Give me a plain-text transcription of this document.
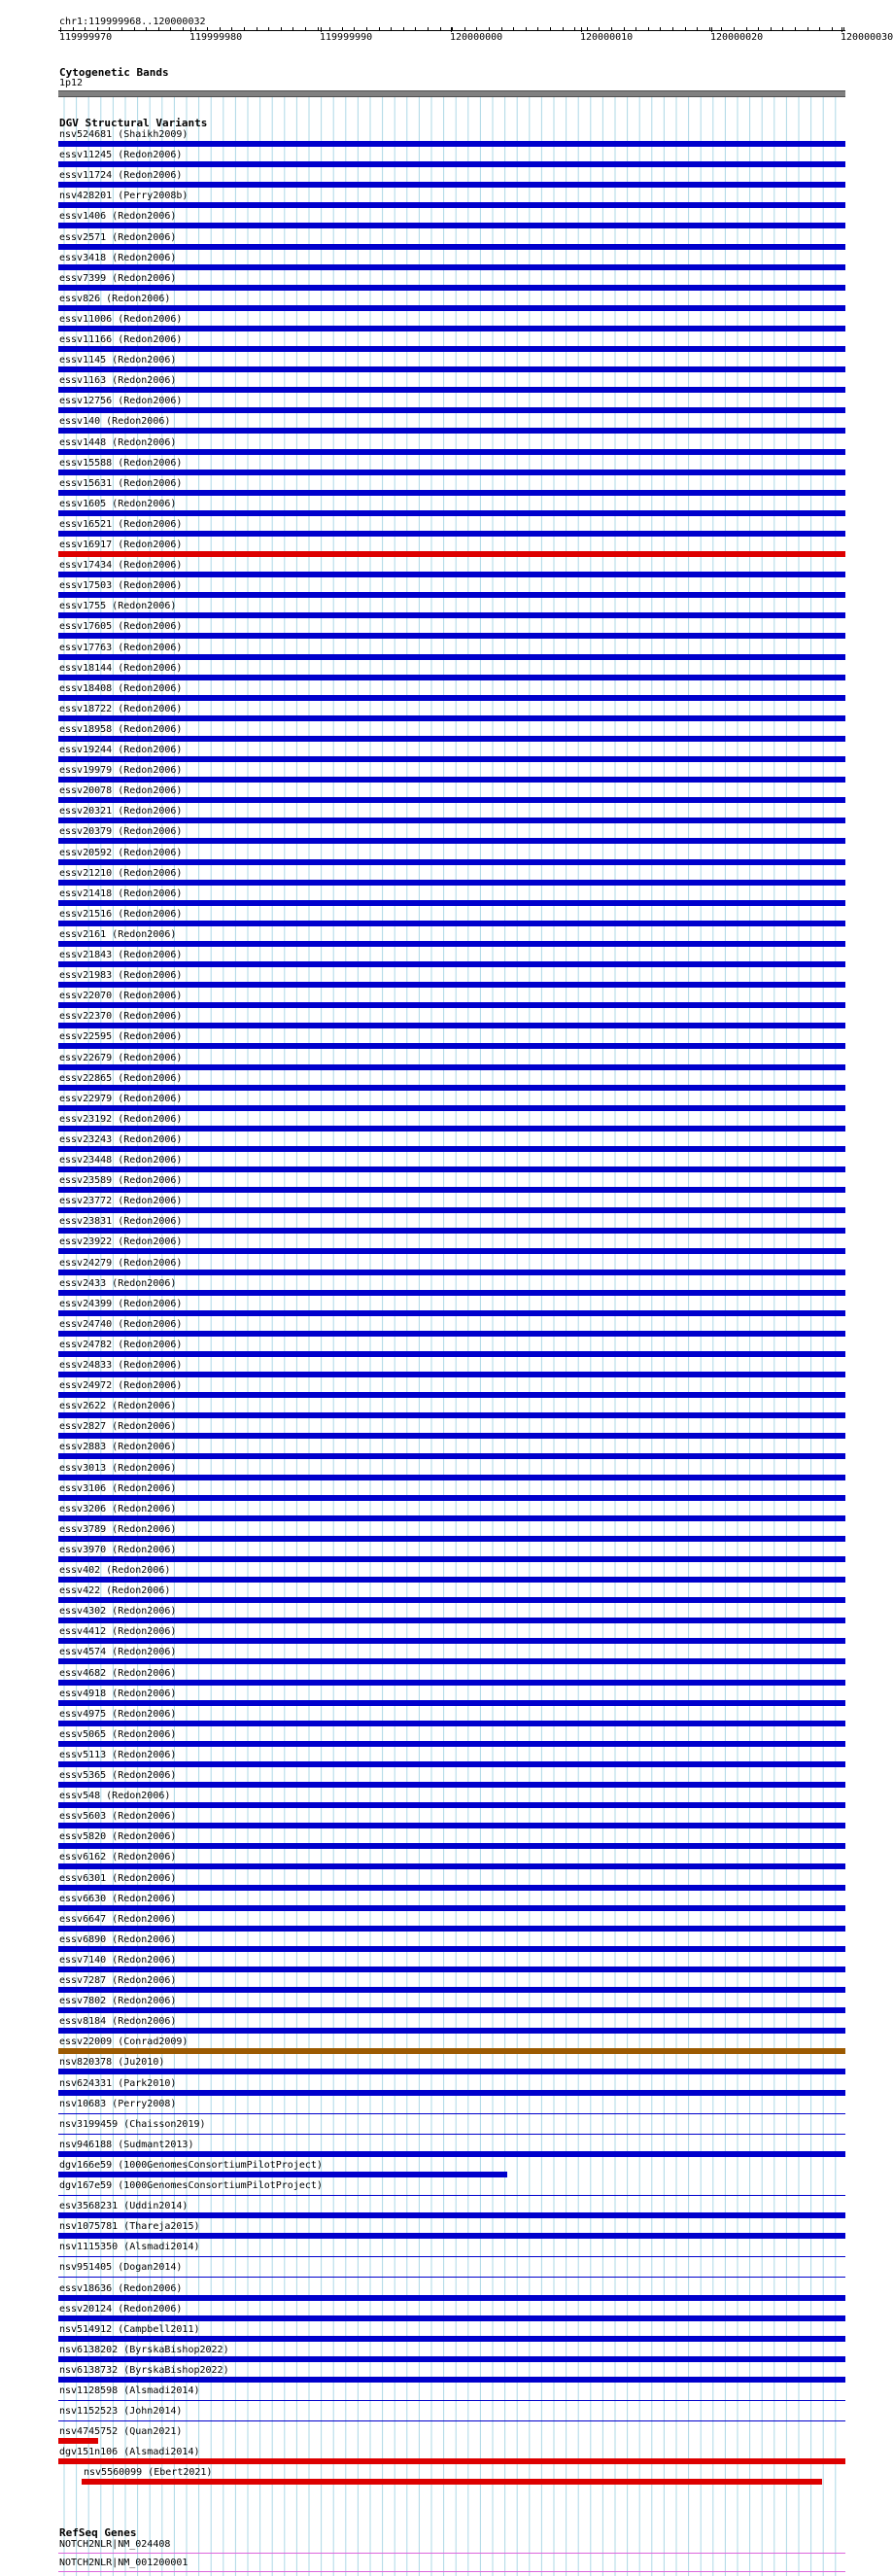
chr1:119999968..120000032
119999970	119999980	119999990	120000000	120000010	120000020	120000030
Cytogenetic Bands
1p12
DGV Structural Variants
nsv524681 (Shaikh2009)
essv11245 (Redon2006)
essv11724 (Redon2006)
nsv428201 (Perry2008b)
essv1406 (Redon2006)
essv2571 (Redon2006)
essv3418 (Redon2006)
essv7399 (Redon2006)
essv826 (Redon2006)
essv11006 (Redon2006)
essv11166 (Redon2006)
essv1145 (Redon2006)
essv1163 (Redon2006)
essv12756 (Redon2006)
essv140 (Redon2006)
essv1448 (Redon2006)
essv15588 (Redon2006)
essv15631 (Redon2006)
essv1605 (Redon2006)
essv16521 (Redon2006)
essv16917 (Redon2006)
essv17434 (Redon2006)
essv17503 (Redon2006)
essv1755 (Redon2006)
essv17605 (Redon2006)
essv17763 (Redon2006)
essv18144 (Redon2006)
essv18408 (Redon2006)
essv18722 (Redon2006)
essv18958 (Redon2006)
essv19244 (Redon2006)
essv19979 (Redon2006)
essv20078 (Redon2006)
essv20321 (Redon2006)
essv20379 (Redon2006)
essv20592 (Redon2006)
essv21210 (Redon2006)
essv21418 (Redon2006)
essv21516 (Redon2006)
essv2161 (Redon2006)
essv21843 (Redon2006)
essv21983 (Redon2006)
essv22070 (Redon2006)
essv22370 (Redon2006)
essv22595 (Redon2006)
essv22679 (Redon2006)
essv22865 (Redon2006)
essv22979 (Redon2006)
essv23192 (Redon2006)
essv23243 (Redon2006)
essv23448 (Redon2006)
essv23589 (Redon2006)
essv23772 (Redon2006)
essv23831 (Redon2006)
essv23922 (Redon2006)
essv24279 (Redon2006)
essv2433 (Redon2006)
essv24399 (Redon2006)
essv24740 (Redon2006)
essv24782 (Redon2006)
essv24833 (Redon2006)
essv24972 (Redon2006)
essv2622 (Redon2006)
essv2827 (Redon2006)
essv2883 (Redon2006)
essv3013 (Redon2006)
essv3106 (Redon2006)
essv3206 (Redon2006)
essv3789 (Redon2006)
essv3970 (Redon2006)
essv402 (Redon2006)
essv422 (Redon2006)
essv4302 (Redon2006)
essv4412 (Redon2006)
essv4574 (Redon2006)
essv4682 (Redon2006)
essv4918 (Redon2006)
essv4975 (Redon2006)
essv5065 (Redon2006)
essv5113 (Redon2006)
essv5365 (Redon2006)
essv548 (Redon2006)
essv5603 (Redon2006)
essv5820 (Redon2006)
essv6162 (Redon2006)
essv6301 (Redon2006)
essv6630 (Redon2006)
essv6647 (Redon2006)
essv6890 (Redon2006)
essv7140 (Redon2006)
essv7287 (Redon2006)
essv7802 (Redon2006)
essv8184 (Redon2006)
essv22009 (Conrad2009)
nsv820378 (Ju2010)
nsv624331 (Park2010)
nsv10683 (Perry2008)
nsv3199459 (Chaisson2019)
nsv946188 (Sudmant2013)
dgv166e59 (1000GenomesConsortiumPilotProject)
dgv167e59 (1000GenomesConsortiumPilotProject)
esv3568231 (Uddin2014)
nsv1075781 (Thareja2015)
nsv1115350 (Alsmadi2014)
nsv951405 (Dogan2014)
essv18636 (Redon2006)
essv20124 (Redon2006)
nsv514912 (Campbell2011)
nsv6138202 (ByrskaBishop2022)
nsv6138732 (ByrskaBishop2022)
nsv1128598 (Alsmadi2014)
nsv1152523 (John2014)
nsv4745752 (Quan2021)
dgv151n106 (Alsmadi2014)
nsv5560099 (Ebert2021)
RefSeq Genes
NOTCH2NLR|NM_024408
NOTCH2NLR|NM_001200001
